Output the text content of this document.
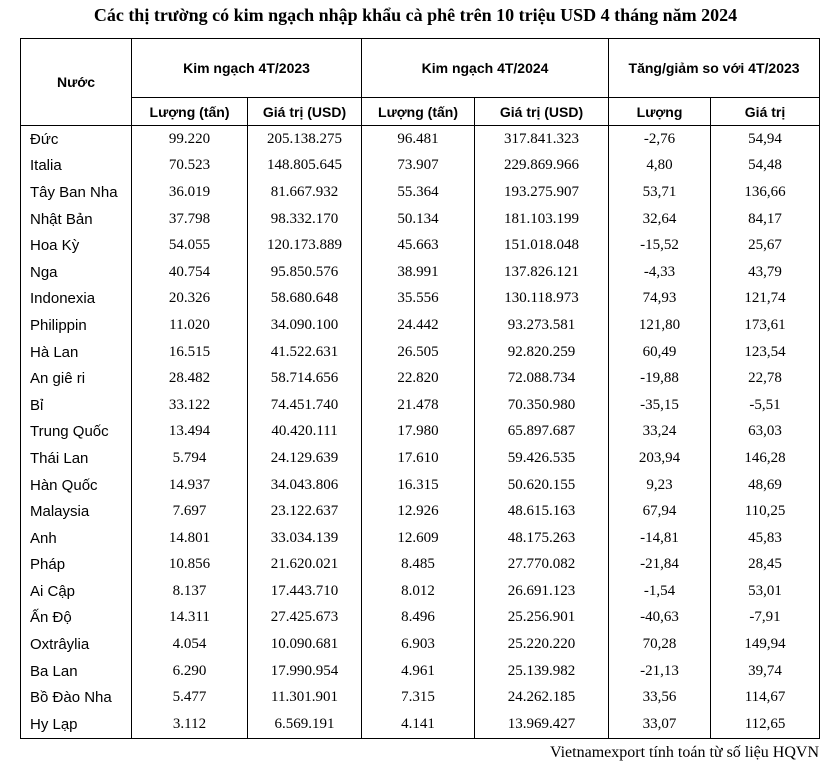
Các thị trường có kim ngạch nhập khẩu cà phê trên 10 triệu USD 4 tháng năm 2024
Nước	Kim ngạch 4T/2023		Kim ngạch 4T/2024		Tăng/giảm so với 4T/2023	
	Lượng (tấn)	Giá trị (USD)	Lượng (tấn)	Giá trị (USD)	Lượng	Giá trị
Đức	99.220	205.138.275	96.481	317.841.323	-2,76	54,94
Italia	70.523	148.805.645	73.907	229.869.966	4,80	54,48
Tây Ban Nha	36.019	81.667.932	55.364	193.275.907	53,71	136,66
Nhật Bản	37.798	98.332.170	50.134	181.103.199	32,64	84,17
Hoa Kỳ	54.055	120.173.889	45.663	151.018.048	-15,52	25,67
Nga	40.754	95.850.576	38.991	137.826.121	-4,33	43,79
Indonexia	20.326	58.680.648	35.556	130.118.973	74,93	121,74
Philippin	11.020	34.090.100	24.442	93.273.581	121,80	173,61
Hà Lan	16.515	41.522.631	26.505	92.820.259	60,49	123,54
An giê ri	28.482	58.714.656	22.820	72.088.734	-19,88	22,78
Bỉ	33.122	74.451.740	21.478	70.350.980	-35,15	-5,51
Trung Quốc	13.494	40.420.111	17.980	65.897.687	33,24	63,03
Thái Lan	5.794	24.129.639	17.610	59.426.535	203,94	146,28
Hàn Quốc	14.937	34.043.806	16.315	50.620.155	9,23	48,69
Malaysia	7.697	23.122.637	12.926	48.615.163	67,94	110,25
Anh	14.801	33.034.139	12.609	48.175.263	-14,81	45,83
Pháp	10.856	21.620.021	8.485	27.770.082	-21,84	28,45
Ai Cập	8.137	17.443.710	8.012	26.691.123	-1,54	53,01
Ấn Độ	14.311	27.425.673	8.496	25.256.901	-40,63	-7,91
Oxtrâylia	4.054	10.090.681	6.903	25.220.220	70,28	149,94
Ba Lan	6.290	17.990.954	4.961	25.139.982	-21,13	39,74
Bồ Đào Nha	5.477	11.301.901	7.315	24.262.185	33,56	114,67
Hy Lạp	3.112	6.569.191	4.141	13.969.427	33,07	112,65
Vietnamexport tính toán từ số liệu HQVN
